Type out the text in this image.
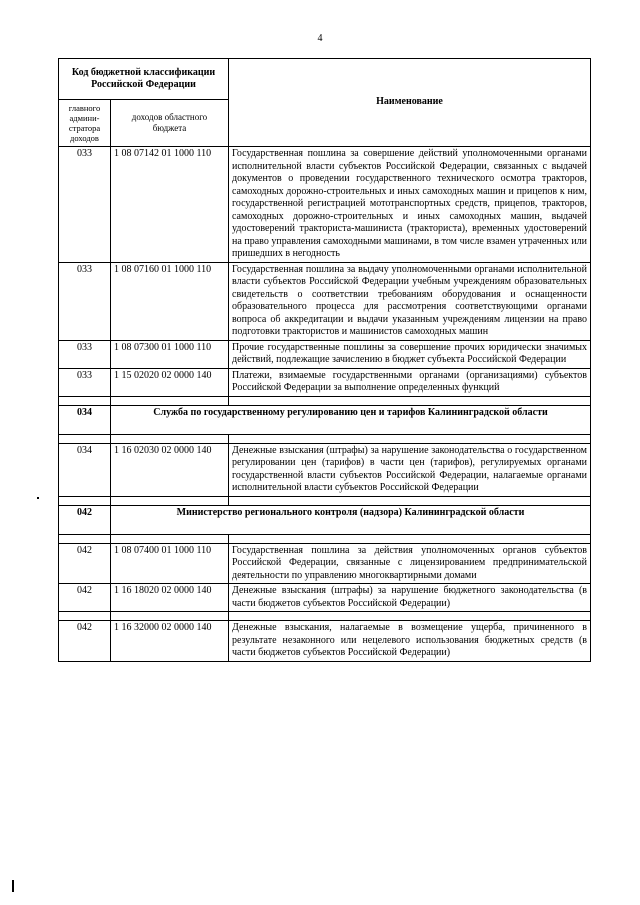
4
Код бюджетной классификации Российской Федерации		Наименование
главного админи-стратора доходов	доходов областного бюджета	
033	1 08 07142 01 1000 110	Государственная пошлина за совершение действий уполномоченными органами исполнительной власти субъектов Российской Федерации, связанных с выдачей документов о проведении государственного технического осмотра тракторов, самоходных дорожно-строительных и иных самоходных машин и прицепов к ним, государственной регистрацией мототранспортных средств, прицепов, тракторов, самоходных дорожно-строительных и иных самоходных машин, выдачей удостоверений тракториста-машиниста (тракториста), временных удостоверений на право управления самоходными машинами, в том числе взамен утраченных или пришедших в негодность
033	1 08 07160 01 1000 110	Государственная пошлина за выдачу уполномоченными органами исполнительной власти субъектов Российской Федерации учебным учреждениям образовательных свидетельств о соответствии требованиям оборудования и оснащенности образовательного процесса для рассмотрения соответствующими органами вопроса об аккредитации и выдачи указанным учреждениям лицензии на право подготовки трактористов и машинистов самоходных машин
033	1 08 07300 01 1000 110	Прочие государственные пошлины за совершение прочих юридически значимых действий, подлежащие зачислению в бюджет субъекта Российской Федерации
033	1 15 02020 02 0000 140	Платежи, взимаемые государственными органами (организациями) субъектов Российской Федерации за выполнение определенных функций

034	Служба по государственному регулированию цен и тарифов Калининградской области	

034	1 16 02030 02 0000 140	Денежные взыскания (штрафы) за нарушение законодательства о государственном регулировании цен (тарифов) в части цен (тарифов), регулируемых органами государственной власти субъектов Российской Федерации, налагаемые органами исполнительной власти субъектов Российской Федерации

042	Министерство регионального контроля (надзора) Калининградской области	

042	1 08 07400 01 1000 110	Государственная пошлина за действия уполномоченных органов субъектов Российской Федерации, связанные с лицензированием предпринимательской деятельности по управлению многоквартирными домами
042	1 16 18020 02 0000 140	Денежные взыскания (штрафы) за нарушение бюджетного законодательства (в части бюджетов субъектов Российской Федерации)

042	1 16 32000 02 0000 140	Денежные взыскания, налагаемые в возмещение ущерба, причиненного в результате незаконного или нецелевого использования бюджетных средств (в части бюджетов субъектов Российской Федерации)
